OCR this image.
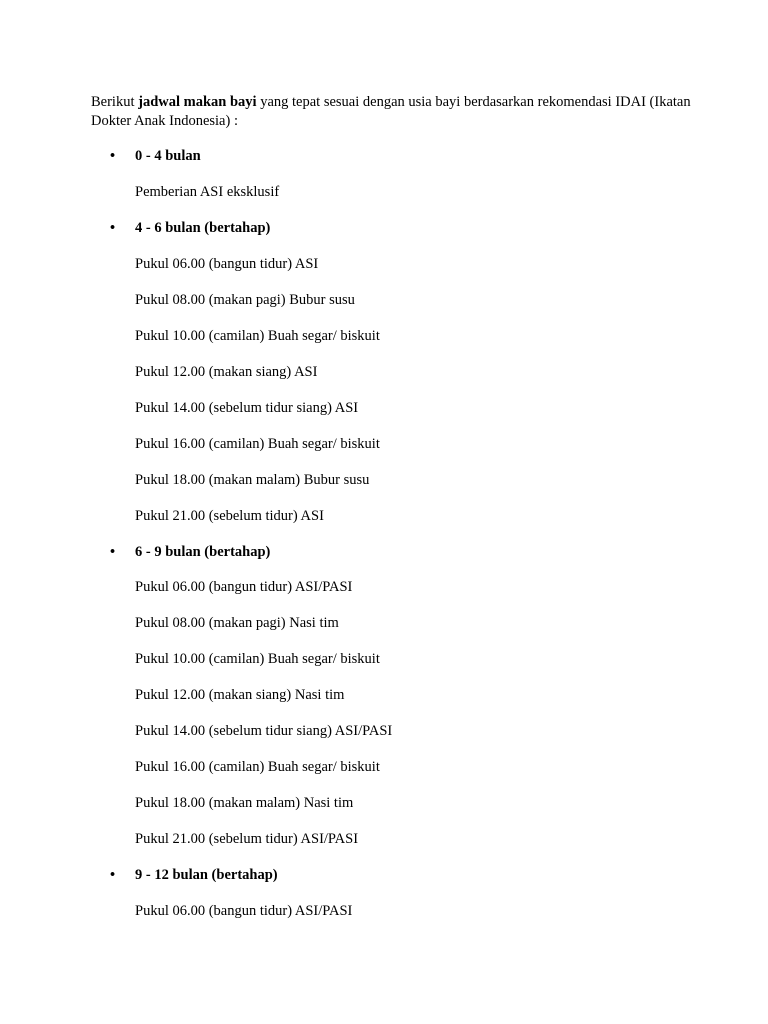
Berikut jadwal makan bayi yang tepat sesuai dengan usia bayi berdasarkan rekomendasi IDAI (Ikatan Dokter Anak Indonesia) :

•	0 - 4 bulan
Pemberian ASI eksklusif
•	4 - 6 bulan (bertahap)
Pukul 06.00 (bangun tidur) ASI
Pukul 08.00 (makan pagi) Bubur susu
Pukul 10.00 (camilan) Buah segar/ biskuit
Pukul 12.00 (makan siang) ASI
Pukul 14.00 (sebelum tidur siang) ASI
Pukul 16.00 (camilan) Buah segar/ biskuit
Pukul 18.00 (makan malam) Bubur susu
Pukul 21.00 (sebelum tidur) ASI
•	6 - 9 bulan (bertahap)
Pukul 06.00 (bangun tidur) ASI/PASI
Pukul 08.00 (makan pagi) Nasi tim
Pukul 10.00 (camilan) Buah segar/ biskuit
Pukul 12.00 (makan siang) Nasi tim
Pukul 14.00 (sebelum tidur siang) ASI/PASI
Pukul 16.00 (camilan) Buah segar/ biskuit
Pukul 18.00 (makan malam) Nasi tim
Pukul 21.00 (sebelum tidur) ASI/PASI
•	9 - 12 bulan (bertahap)
Pukul 06.00 (bangun tidur) ASI/PASI
